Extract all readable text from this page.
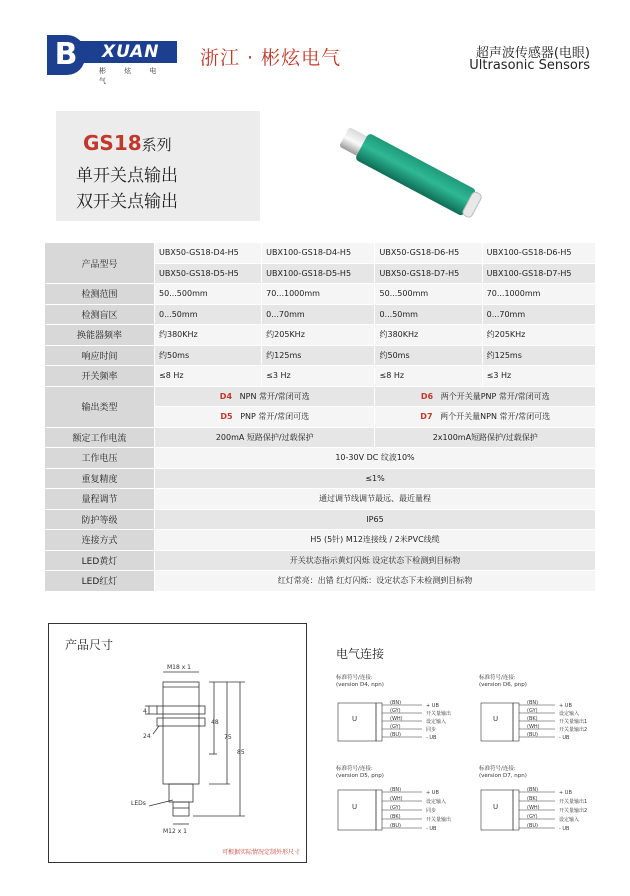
B	XUAN
彬 炫 电 气
浙江 · 彬炫电气	超声波传感器(电眼)
Ultrasonic Sensors
GS18系列
单开关点输出
双开关点输出
产品型号	UBX50-GS18-D4-H5	UBX100-GS18-D4-H5	UBX50-GS18-D6-H5	UBX100-GS18-D6-H5
	UBX50-GS18-D5-H5	UBX100-GS18-D5-H5	UBX50-GS18-D7-H5	UBX100-GS18-D7-H5
检测范围	50...500mm	70...1000mm	50...500mm	70...1000mm
检测盲区	0...50mm	0...70mm	0...50mm	0...70mm
换能器频率	约380KHz	约205KHz	约380KHz	约205KHz
响应时间	约50ms	约125ms	约50ms	约125ms
开关频率	≤8 Hz	≤3 Hz	≤8 Hz	≤3 Hz
输出类型	D4 NPN 常开/常闭可选		D6 两个开关量PNP 常开/常闭可选	
	D5 PNP 常开/常闭可选		D7 两个开关量NPN 常开/常闭可选	
额定工作电流	200mA 短路保护/过载保护		2x100mA短路保护/过载保护	
工作电压	10-30V DC 纹波10%			
重复精度	≤1%			
量程调节	通过调节线调节最远、最近量程			
防护等级	IP65			
连接方式	H5 (5针) M12连接线 / 2米PVC线缆			
LED黄灯	开关状态指示黄灯闪烁 设定状态下检测到目标物			
LED红灯	红灯常亮：出错 红灯闪烁：设定状态下未检测到目标物			
产品尺寸
M18 x 1
4
24
48
75
85
LEDs
M12 x 1
可根据实际情况定制外形尺寸
电气连接
标准符号/连接:
(version D4, npn)
U
(BN)
(GY)
(WH)
(GY)
(BU)
+ UB
开关量输出
设定输入
同步
- UB
标准符号/连接:
(version D6, pnp)
U
(BN)
(GY)
(BK)
(WH)
(BU)
+ UB
设定输入
开关量输出1
开关量输出2
- UB
标准符号/连接:
(version D5, pnp)
U
(BN)
(WH)
(GY)
(BK)
(BU)
+ UB
设定输入
同步
开关量输出
- UB
标准符号/连接:
(version D7, npn)
U
(BN)
(BK)
(WH)
(GY)
(BU)
+ UB
开关量输出1
开关量输出2
设定输入
- UB
